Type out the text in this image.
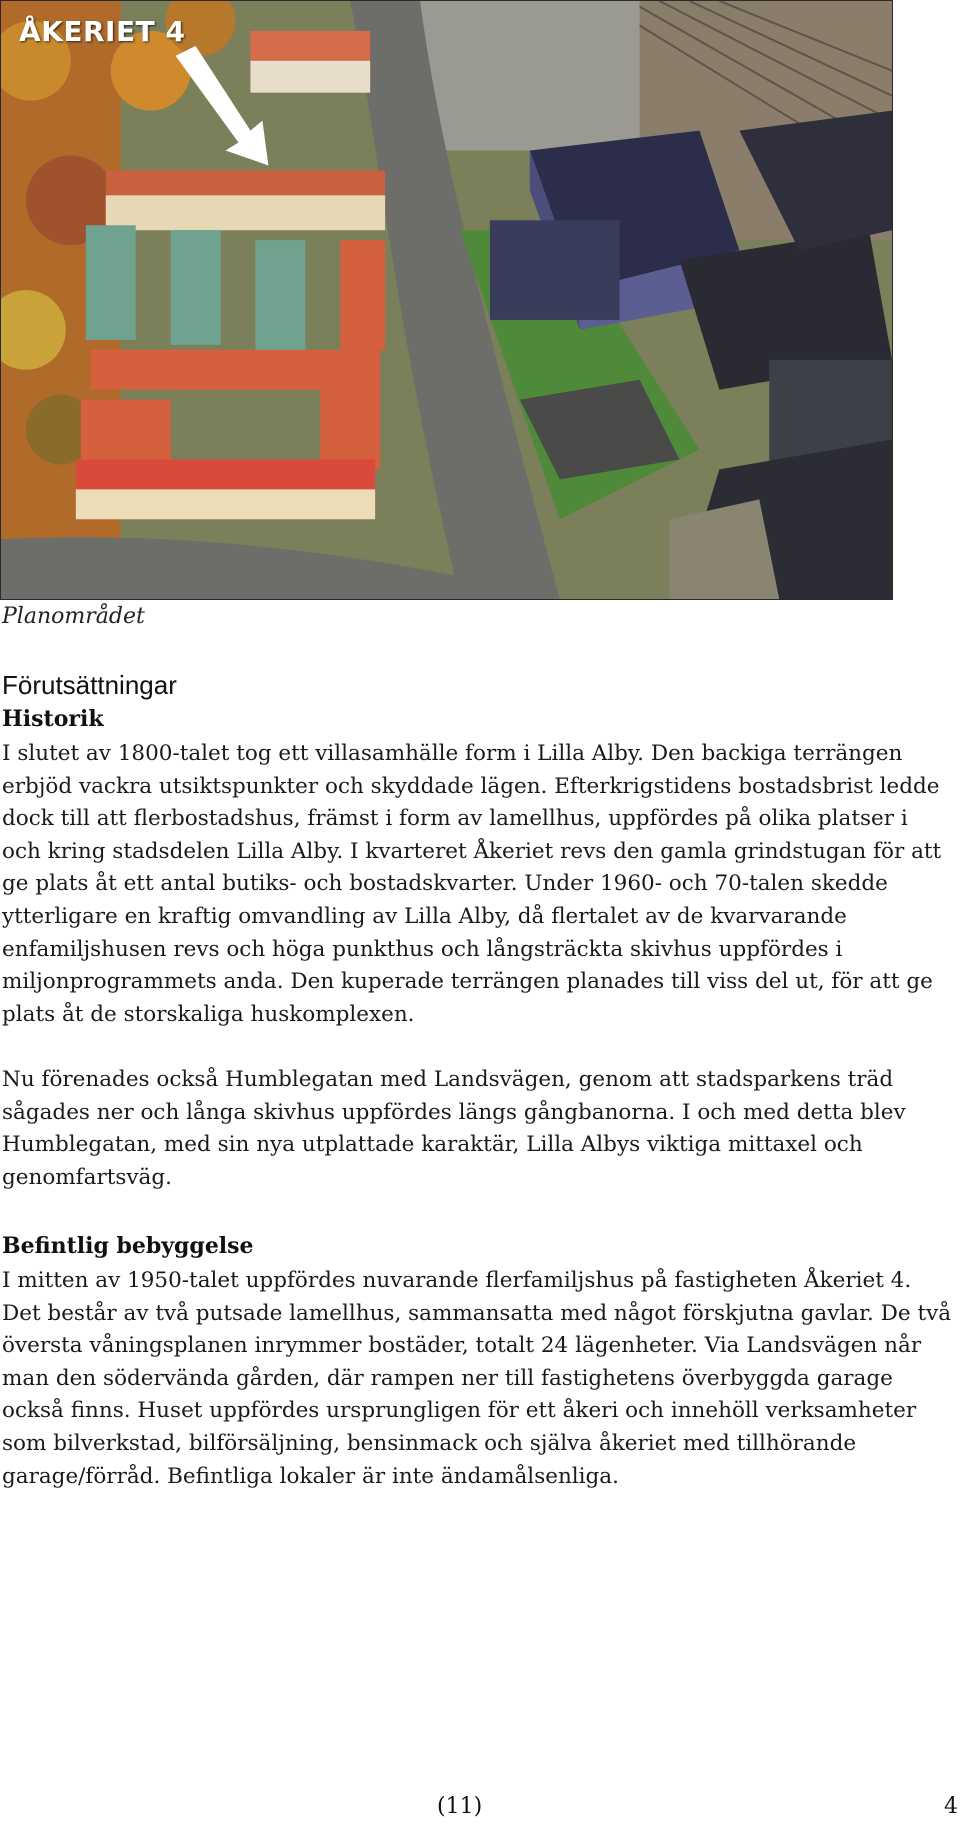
ÅKERIET 4
Planområdet
Förutsättningar
Historik

I slutet av 1800-talet tog ett villasamhälle form i Lilla Alby. Den backiga terrängen erbjöd vackra utsiktspunkter och skyddade lägen. Efterkrigstidens bostadsbrist ledde dock till att flerbostadshus, främst i form av lamellhus, uppfördes på olika platser i och kring stadsdelen Lilla Alby. I kvarteret Åkeriet revs den gamla grindstugan för att ge plats åt ett antal butiks- och bostadskvarter. Under 1960- och 70-talen skedde ytterligare en kraftig omvandling av Lilla Alby, då flertalet av de kvarvarande enfamiljshusen revs och höga punkthus och långsträckta skivhus uppfördes i miljonprogrammets anda. Den kuperade terrängen planades till viss del ut, för att ge plats åt de storskaliga huskomplexen.

Nu förenades också Humblegatan med Landsvägen, genom att stadsparkens träd sågades ner och långa skivhus uppfördes längs gångbanorna. I och med detta blev Humblegatan, med sin nya utplattade karaktär, Lilla Albys viktiga mittaxel och genomfartsväg.

Befintlig bebyggelse

I mitten av 1950-talet uppfördes nuvarande flerfamiljshus på fastigheten Åkeriet 4. Det består av två putsade lamellhus, sammansatta med något förskjutna gavlar. De två översta våningsplanen inrymmer bostäder, totalt 24 lägenheter. Via Landsvägen når man den södervända gården, där rampen ner till fastighetens överbyggda garage också finns. Huset uppfördes ursprungligen för ett åkeri och innehöll verksamheter som bilverkstad, bilförsäljning, bensinmack och själva åkeriet med tillhörande garage/förråd. Befintliga lokaler är inte ändamålsenliga.

(11)	4
